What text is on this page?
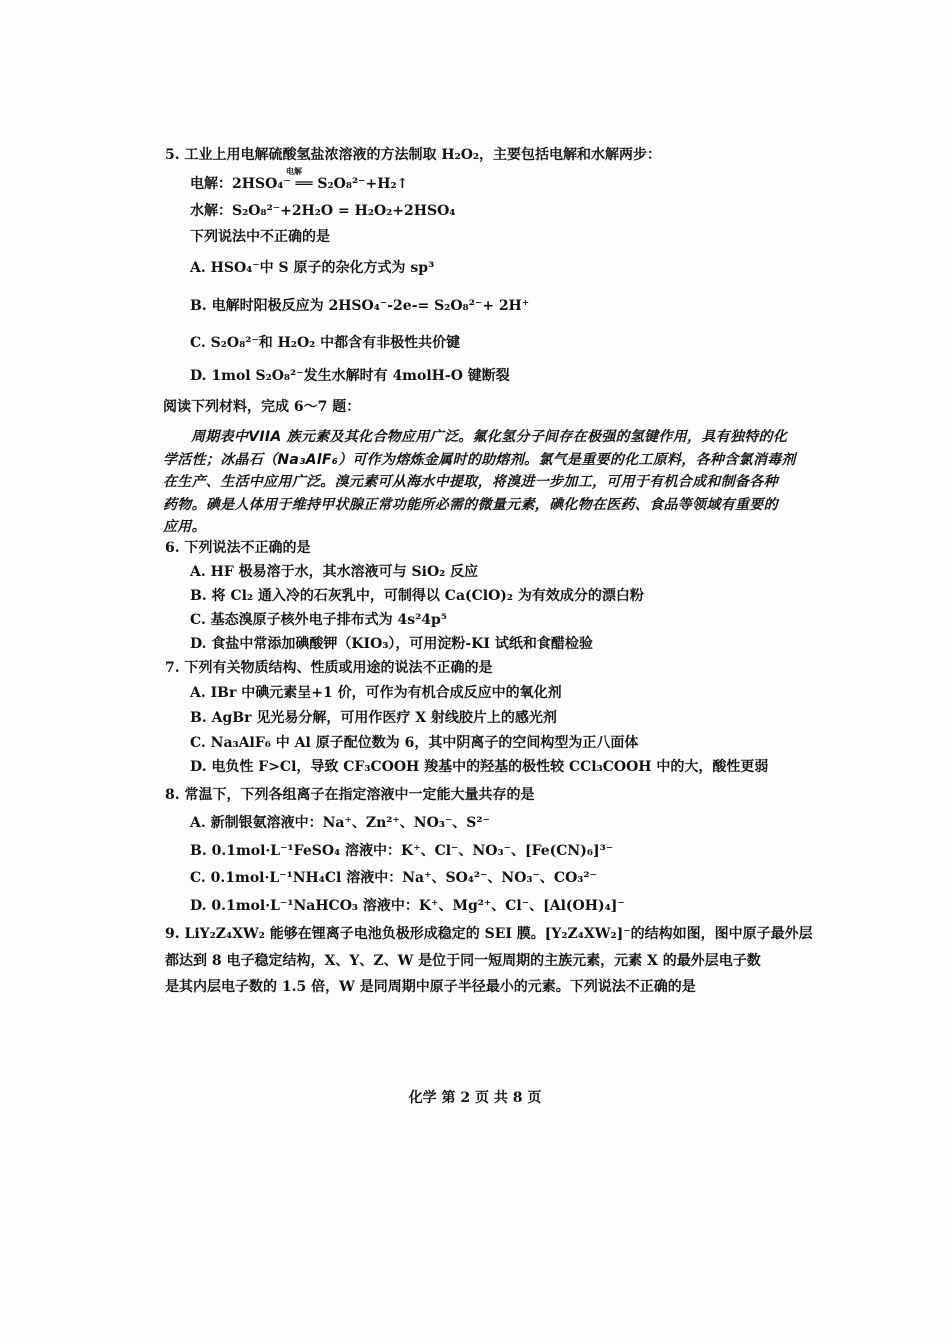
5. 工业上用电解硫酸氢盐浓溶液的方法制取 H₂O₂，主要包括电解和水解两步：
电解：2HSO₄⁻ ══ S₂O₈²⁻+H₂↑
电解
水解：S₂O₈²⁻+2H₂O = H₂O₂+2HSO₄
下列说法中不正确的是
A. HSO₄⁻中 S 原子的杂化方式为 sp³
B. 电解时阳极反应为 2HSO₄⁻-2e-= S₂O₈²⁻+ 2H⁺
C. S₂O₈²⁻和 H₂O₂ 中都含有非极性共价键
D. 1mol S₂O₈²⁻发生水解时有 4molH-O 键断裂
阅读下列材料，完成 6～7 题：
周期表中VIIA 族元素及其化合物应用广泛。氟化氢分子间存在极强的氢键作用，具有独特的化
学活性；冰晶石（Na₃AlF₆）可作为熔炼金属时的助熔剂。氯气是重要的化工原料，各种含氯消毒剂
在生产、生活中应用广泛。溴元素可从海水中提取，将溴进一步加工，可用于有机合成和制备各种
药物。碘是人体用于维持甲状腺正常功能所必需的微量元素，碘化物在医药、食品等领域有重要的
应用。
6. 下列说法不正确的是
A. HF 极易溶于水，其水溶液可与 SiO₂ 反应
B. 将 Cl₂ 通入冷的石灰乳中，可制得以 Ca(ClO)₂ 为有效成分的漂白粉
C. 基态溴原子核外电子排布式为 4s²4p⁵
D. 食盐中常添加碘酸钾（KIO₃），可用淀粉-KI 试纸和食醋检验
7. 下列有关物质结构、性质或用途的说法不正确的是
A. IBr 中碘元素呈+1 价，可作为有机合成反应中的氧化剂
B. AgBr 见光易分解，可用作医疗 X 射线胶片上的感光剂
C. Na₃AlF₆ 中 Al 原子配位数为 6，其中阴离子的空间构型为正八面体
D. 电负性 F>Cl，导致 CF₃COOH 羧基中的羟基的极性较 CCl₃COOH 中的大，酸性更弱
8. 常温下，下列各组离子在指定溶液中一定能大量共存的是
A. 新制银氨溶液中：Na⁺、Zn²⁺、NO₃⁻、S²⁻
B. 0.1mol·L⁻¹FeSO₄ 溶液中：K⁺、Cl⁻、NO₃⁻、[Fe(CN)₆]³⁻
C. 0.1mol·L⁻¹NH₄Cl 溶液中：Na⁺、SO₄²⁻、NO₃⁻、CO₃²⁻
D. 0.1mol·L⁻¹NaHCO₃ 溶液中：K⁺、Mg²⁺、Cl⁻、[Al(OH)₄]⁻
9. LiY₂Z₄XW₂ 能够在锂离子电池负极形成稳定的 SEI 膜。[Y₂Z₄XW₂]⁻的结构如图，图中原子最外层
都达到 8 电子稳定结构，X、Y、Z、W 是位于同一短周期的主族元素，元素 X 的最外层电子数
是其内层电子数的 1.5 倍，W 是同周期中原子半径最小的元素。下列说法不正确的是
化学 第 2 页 共 8 页
